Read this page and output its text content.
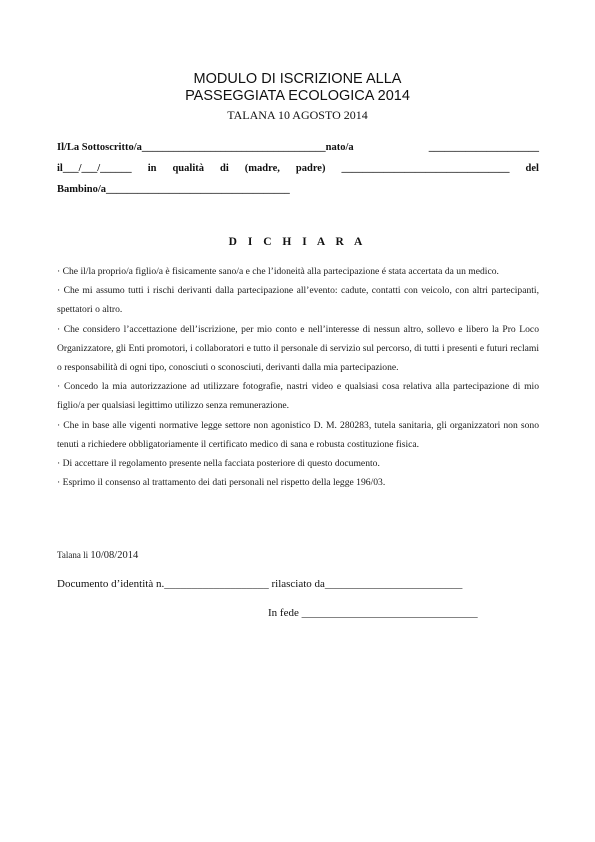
MODULO DI ISCRIZIONE ALLA
PASSEGGIATA ECOLOGICA 2014
TALANA 10 AGOSTO 2014
Il/La Sottoscritto/a___________________________________nato/a	_____________________
il___/___/______ in qualità di (madre, padre) ________________________________ del
Bambino/a___________________________________
D I C H I A R A

· Che il/la proprio/a figlio/a è fisicamente sano/a e che l’idoneità alla partecipazione é stata accertata da un medico.

· Che mi assumo tutti i rischi derivanti dalla partecipazione all’evento: cadute, contatti con veicolo, con altri partecipanti, spettatori o altro.

· Che considero l’accettazione dell’iscrizione, per mio conto e nell’interesse di nessun altro, sollevo e libero la Pro Loco Organizzatore, gli Enti promotori, i collaboratori e tutto il personale di servizio sul percorso, di tutti i presenti e futuri reclami o responsabilità di ogni tipo, conosciuti o sconosciuti, derivanti dalla mia partecipazione.

· Concedo la mia autorizzazione ad utilizzare fotografie, nastri video e qualsiasi cosa relativa alla partecipazione di mio figlio/a per qualsiasi legittimo utilizzo senza remunerazione.

· Che in base alle vigenti normative legge settore non agonistico D. M. 280283, tutela sanitaria, gli organizzatori non sono tenuti a richiedere obbligatoriamente il certificato medico di sana e robusta costituzione fisica.

· Di accettare il regolamento presente nella facciata posteriore di questo documento.

· Esprimo il consenso al trattamento dei dati personali nel rispetto della legge 196/03.

Talana li 10/08/2014
Documento d’identità n.___________________ rilasciato da_________________________
In fede ________________________________
